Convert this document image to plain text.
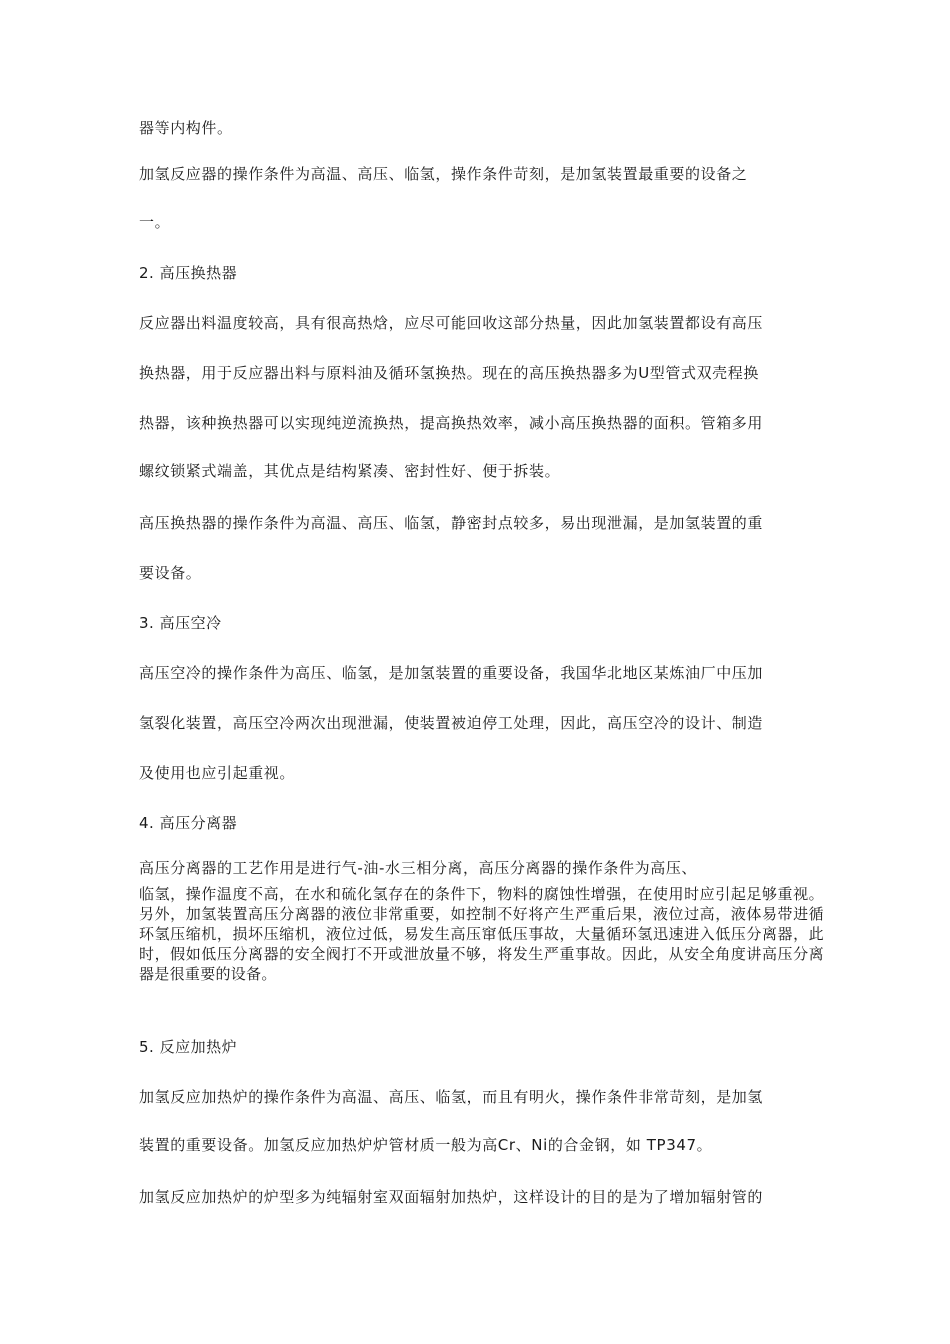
器等内构件。
加氢反应器的操作条件为高温、高压、临氢，操作条件苛刻，是加氢装置最重要的设备之
一。
2. 高压换热器
反应器出料温度较高，具有很高热焓，应尽可能回收这部分热量，因此加氢装置都设有高压
换热器，用于反应器出料与原料油及循环氢换热。现在的高压换热器多为U型管式双壳程换
热器，该种换热器可以实现纯逆流换热，提高换热效率，减小高压换热器的面积。管箱多用
螺纹锁紧式端盖，其优点是结构紧凑、密封性好、便于拆装。
高压换热器的操作条件为高温、高压、临氢，静密封点较多，易出现泄漏，是加氢装置的重
要设备。
3. 高压空冷
高压空冷的操作条件为高压、临氢，是加氢装置的重要设备，我国华北地区某炼油厂中压加
氢裂化装置，高压空冷两次出现泄漏，使装置被迫停工处理，因此，高压空冷的设计、制造
及使用也应引起重视。
4. 高压分离器
高压分离器的工艺作用是进行气-油-水三相分离，高压分离器的操作条件为高压、
临氢，操作温度不高，在水和硫化氢存在的条件下，物料的腐蚀性增强，在使用时应引起足够重视。另外，加氢装置高压分离器的液位非常重要，如控制不好将产生严重后果，液位过高，液体易带进循环氢压缩机，损坏压缩机，液位过低，易发生高压窜低压事故，大量循环氢迅速进入低压分离器，此时，假如低压分离器的安全阀打不开或泄放量不够，将发生严重事故。因此，从安全角度讲高压分离器是很重要的设备。
5. 反应加热炉
加氢反应加热炉的操作条件为高温、高压、临氢，而且有明火，操作条件非常苛刻，是加氢
装置的重要设备。加氢反应加热炉炉管材质一般为高Cr、Ni的合金钢，如 TP347。
加氢反应加热炉的炉型多为纯辐射室双面辐射加热炉，这样设计的目的是为了增加辐射管的
